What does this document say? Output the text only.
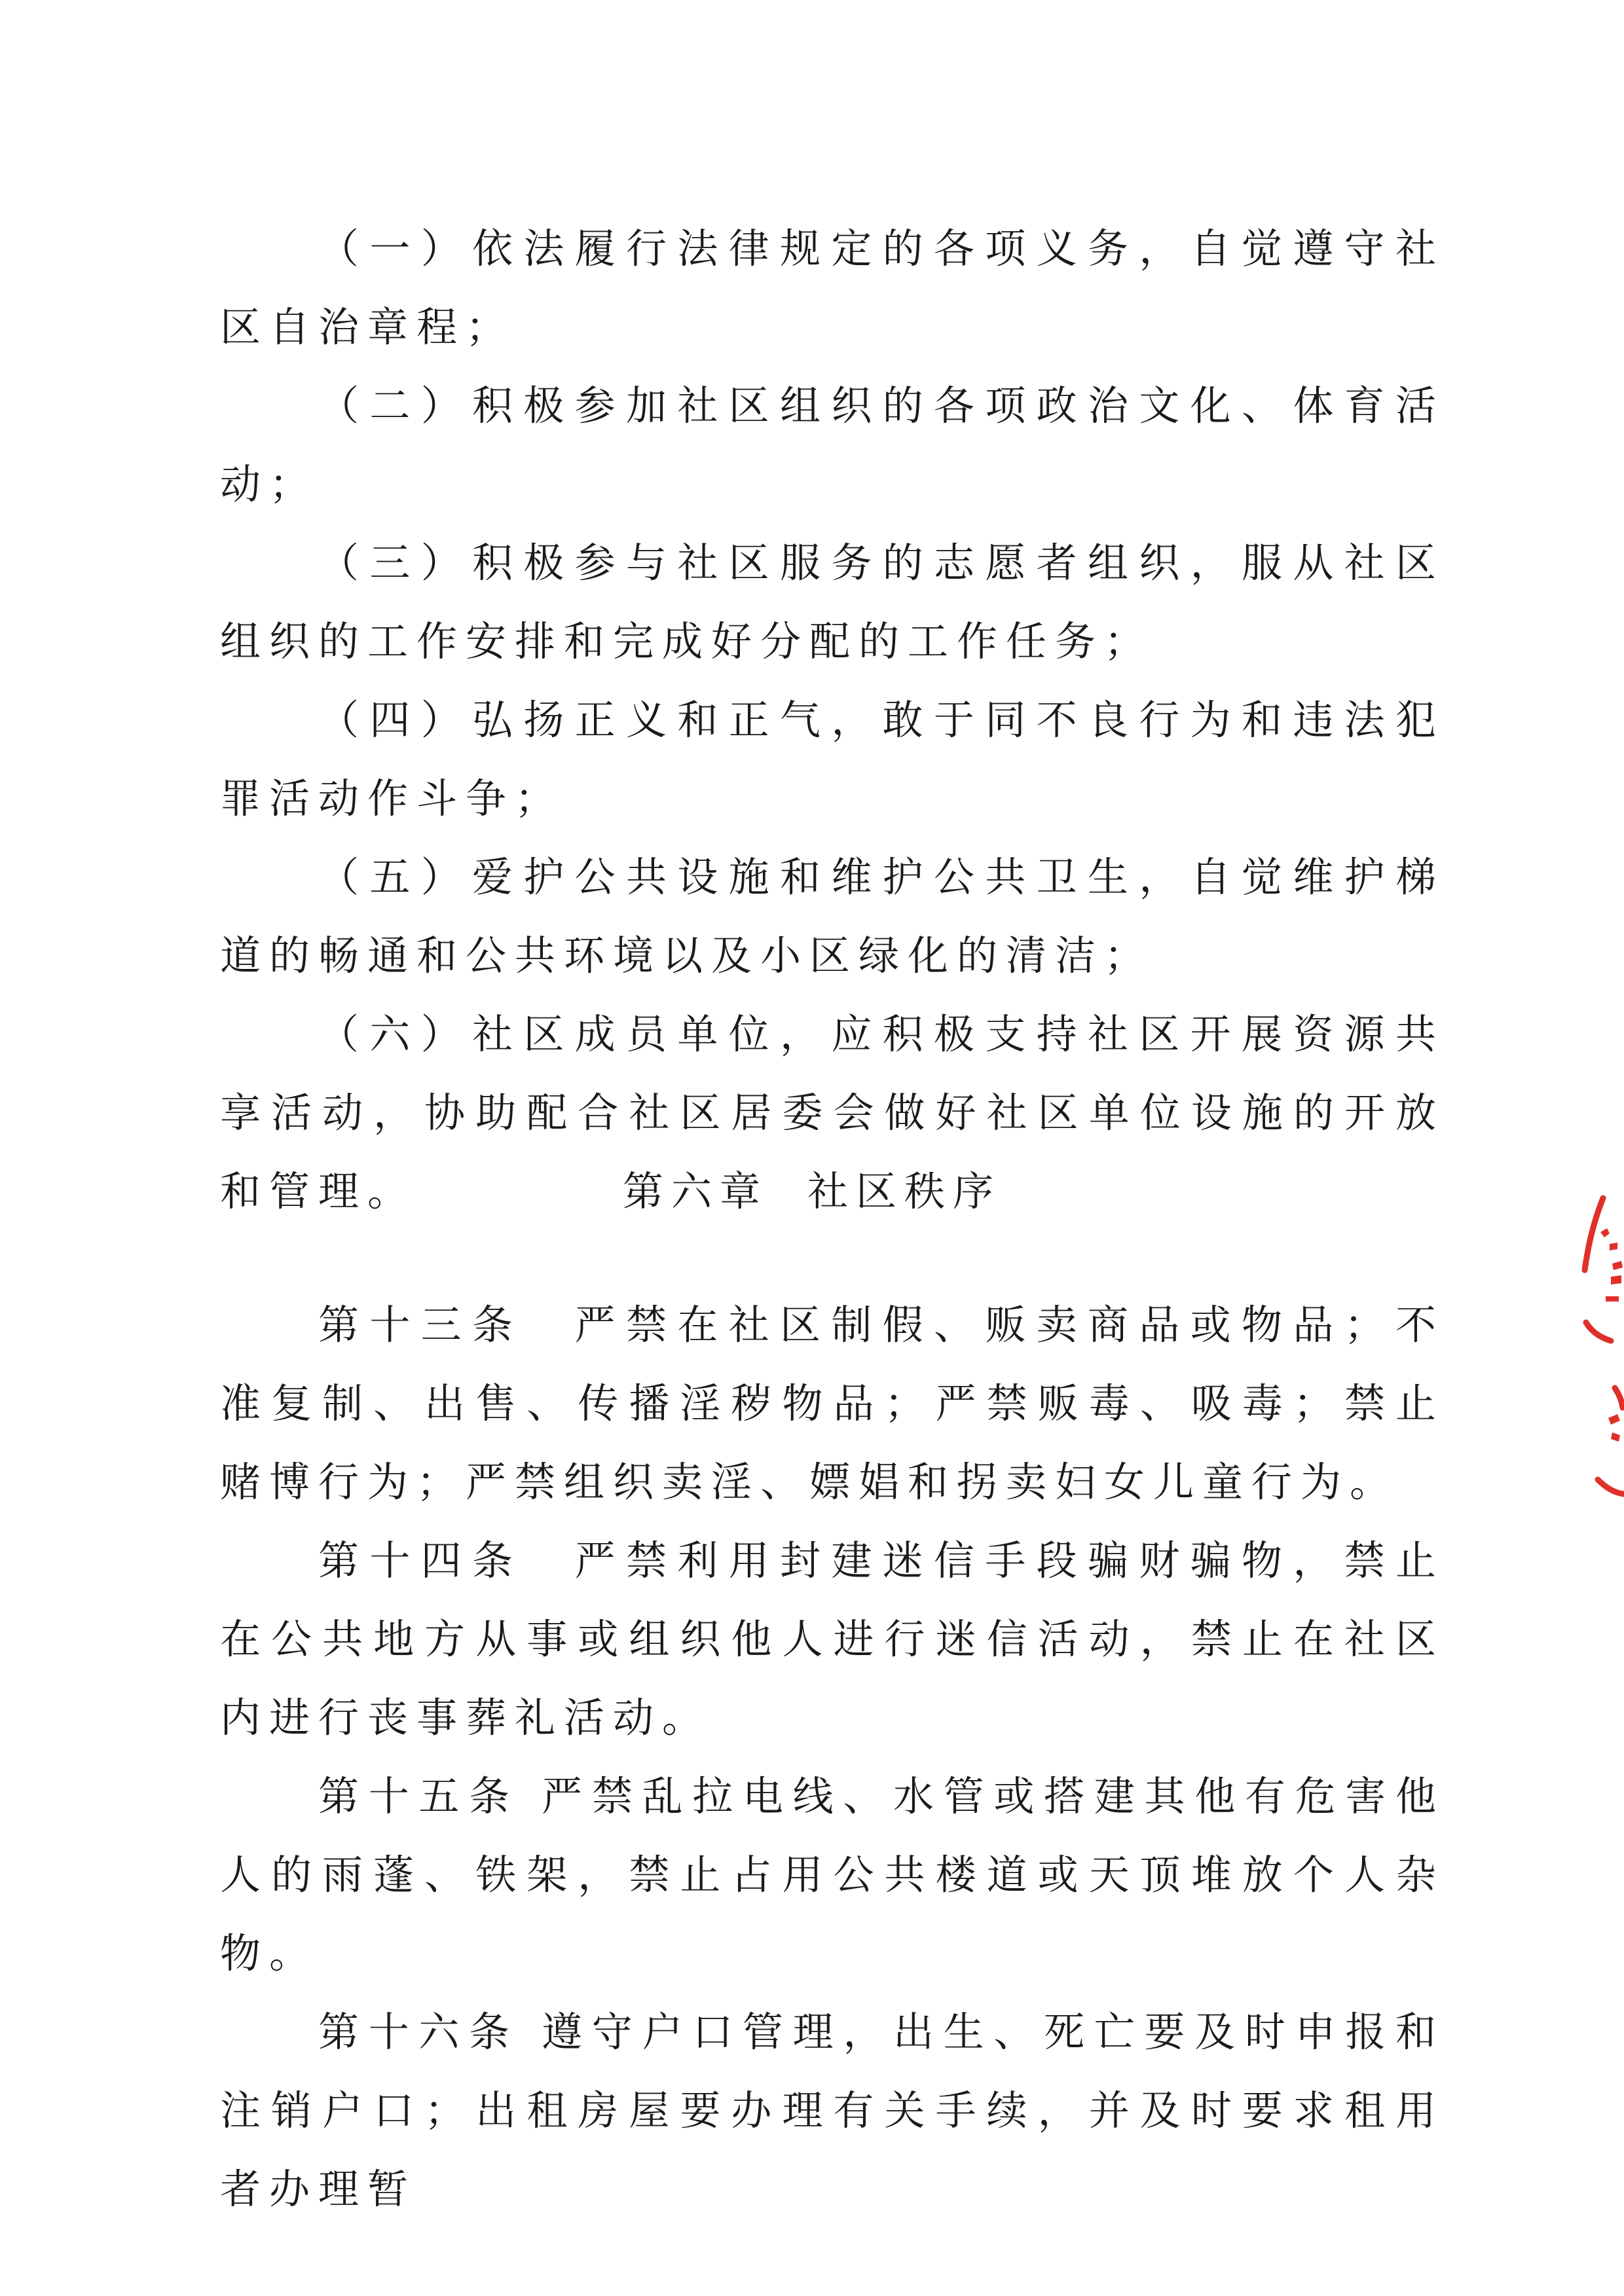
（一）依法履行法律规定的各项义务，自觉遵守社区自治章程；

（二）积极参加社区组织的各项政治文化、体育活动；

（三）积极参与社区服务的志愿者组织，服从社区组织的工作安排和完成好分配的工作任务；

（四）弘扬正义和正气，敢于同不良行为和违法犯罪活动作斗争；

（五）爱护公共设施和维护公共卫生，自觉维护梯道的畅通和公共环境以及小区绿化的清洁；

（六）社区成员单位，应积极支持社区开展资源共享活动，协助配合社区居委会做好社区单位设施的开放和管理。	第六章 社区秩序

第十三条　严禁在社区制假、贩卖商品或物品；不准复制、出售、传播淫秽物品；严禁贩毒、吸毒；禁止赌博行为；严禁组织卖淫、嫖娼和拐卖妇女儿童行为。

第十四条　严禁利用封建迷信手段骗财骗物，禁止在公共地方从事或组织他人进行迷信活动，禁止在社区内进行丧事葬礼活动。

第十五条 严禁乱拉电线、水管或搭建其他有危害他人的雨蓬、铁架，禁止占用公共楼道或天顶堆放个人杂物。

第十六条 遵守户口管理，出生、死亡要及时申报和注销户口；出租房屋要办理有关手续，并及时要求租用者办理暂
